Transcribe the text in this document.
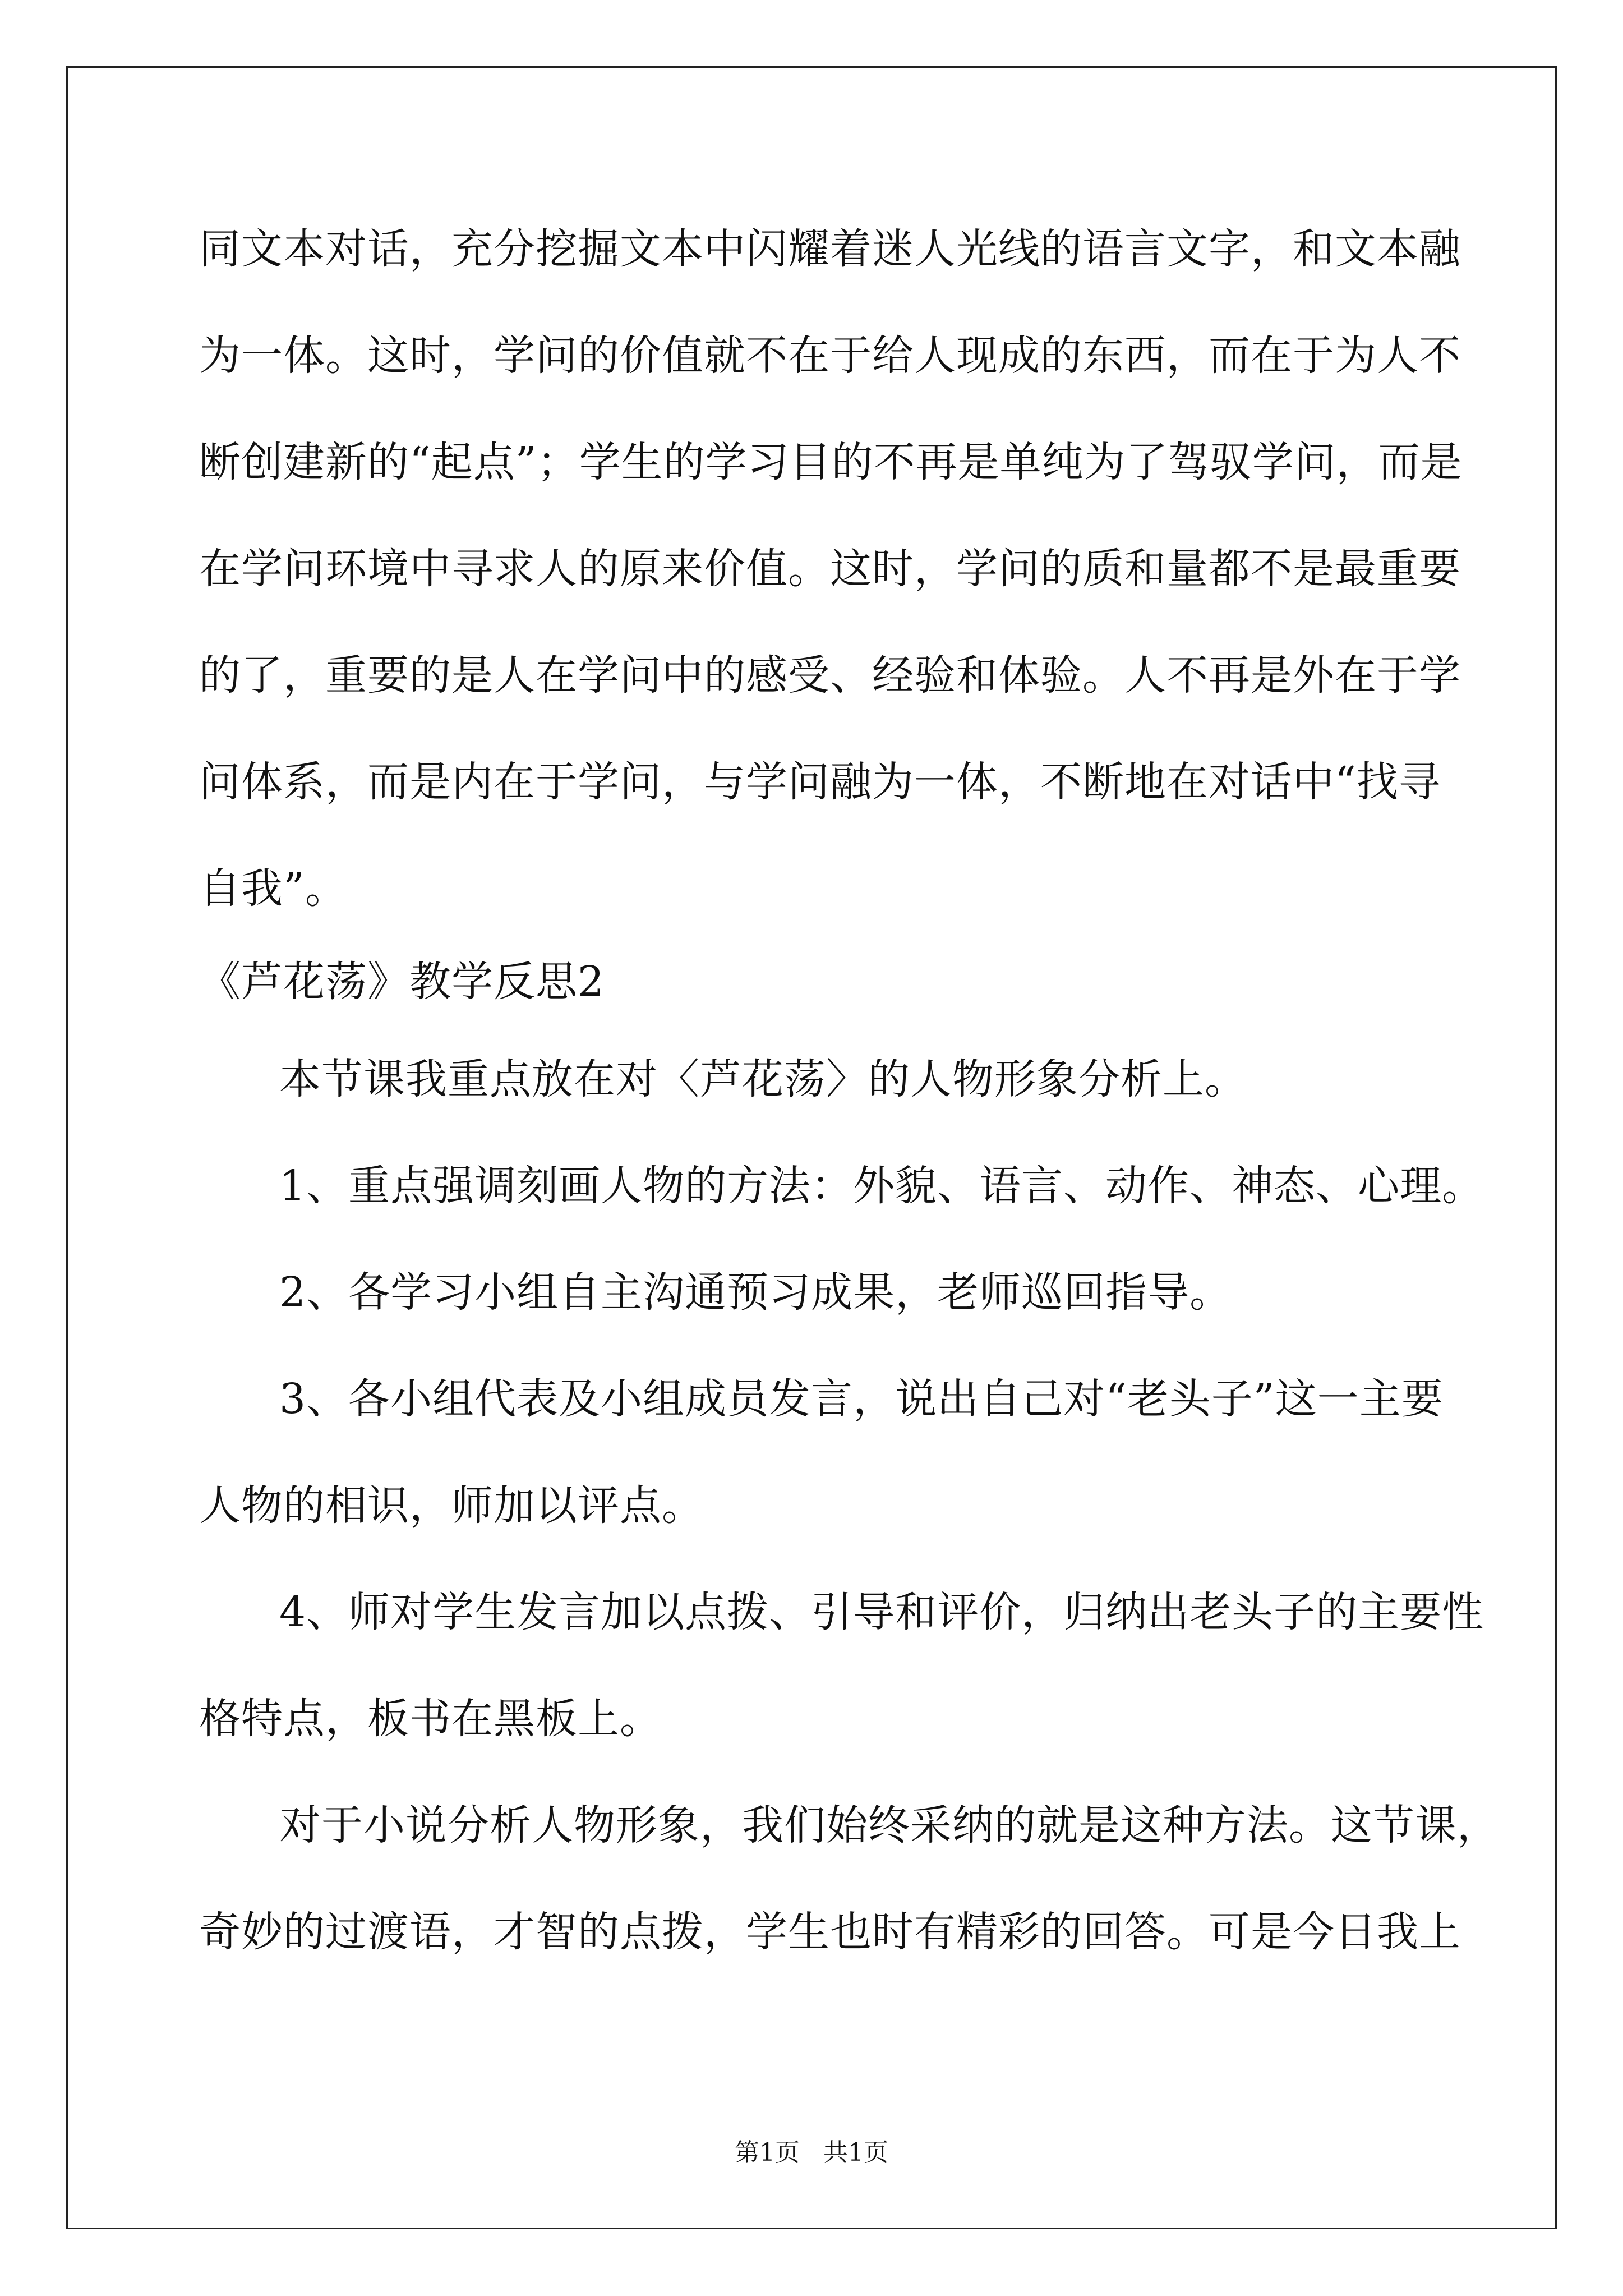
同文本对话，充分挖掘文本中闪耀着迷人光线的语言文字，和文本融

为一体。这时，学问的价值就不在于给人现成的东西，而在于为人不

断创建新的“起点”；学生的学习目的不再是单纯为了驾驭学问，而是

在学问环境中寻求人的原来价值。这时，学问的质和量都不是最重要

的了，重要的是人在学问中的感受、经验和体验。人不再是外在于学

问体系，而是内在于学问，与学问融为一体，不断地在对话中“找寻

自我”。

《芦花荡》教学反思2

本节课我重点放在对〈芦花荡〉的人物形象分析上。

1、重点强调刻画人物的方法：外貌、语言、动作、神态、心理。

2、各学习小组自主沟通预习成果，老师巡回指导。

3、各小组代表及小组成员发言，说出自己对“老头子”这一主要

人物的相识，师加以评点。

4、师对学生发言加以点拨、引导和评价，归纳出老头子的主要性

格特点，板书在黑板上。

对于小说分析人物形象，我们始终采纳的就是这种方法。这节课，

奇妙的过渡语，才智的点拨，学生也时有精彩的回答。可是今日我上

第1页 共1页
